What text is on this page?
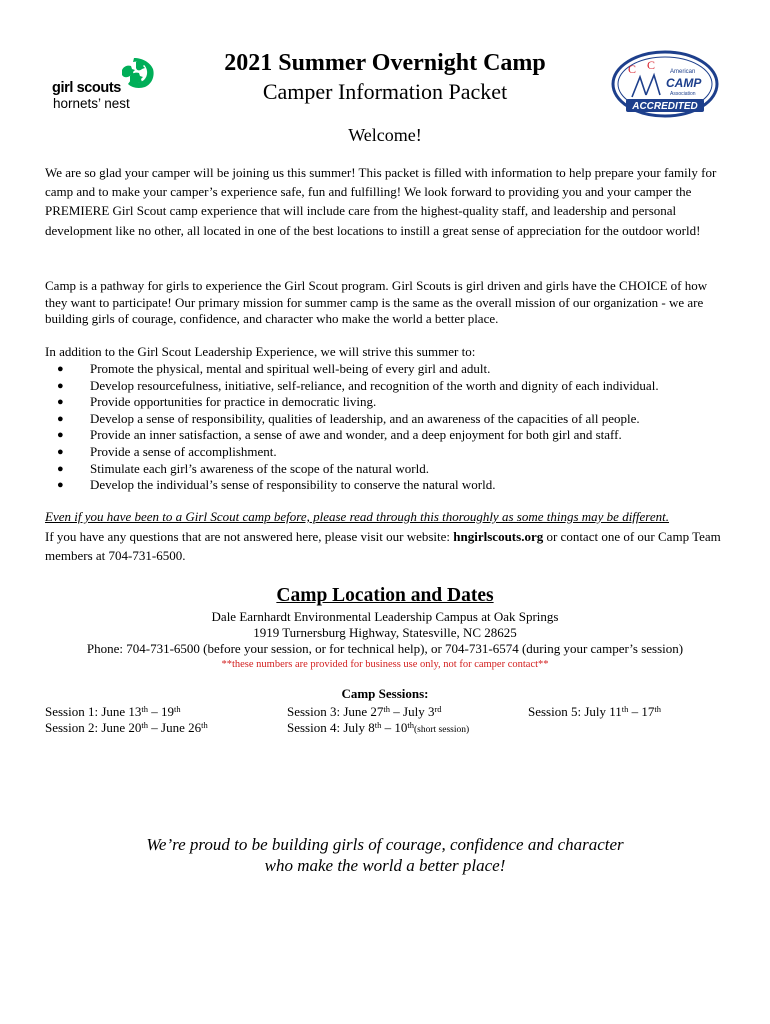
girl scouts
hornets’ nest
C C American
CAMP
Association
ACCREDITED
2021 Summer Overnight Camp
Camper Information Packet
Welcome!

We are so glad your camper will be joining us this summer! This packet is filled with information to help prepare your family for camp and to make your camper’s experience safe, fun and fulfilling! We look forward to providing you and your camper the PREMIERE Girl Scout camp experience that will include care from the highest-quality staff, and leadership and personal development like no other, all located in one of the best locations to instill a great sense of appreciation for the outdoor world!

Camp is a pathway for girls to experience the Girl Scout program. Girl Scouts is girl driven and girls have the CHOICE of how they want to participate! Our primary mission for summer camp is the same as the overall mission of our organization - we are building girls of courage, confidence, and character who make the world a better place.

In addition to the Girl Scout Leadership Experience, we will strive this summer to:

● Promote the physical, mental and spiritual well-being of every girl and adult.
● Develop resourcefulness, initiative, self-reliance, and recognition of the worth and dignity of each individual.
● Provide opportunities for practice in democratic living.
● Develop a sense of responsibility, qualities of leadership, and an awareness of the capacities of all people.
● Provide an inner satisfaction, a sense of awe and wonder, and a deep enjoyment for both girl and staff.
● Provide a sense of accomplishment.
● Stimulate each girl’s awareness of the scope of the natural world.
● Develop the individual’s sense of responsibility to conserve the natural world.
Even if you have been to a Girl Scout camp before, please read through this thoroughly as some things may be different.

If you have any questions that are not answered here, please visit our website: hngirlscouts.org or contact one of our Camp Team members at 704-731-6500.

Camp Location and Dates
Dale Earnhardt Environmental Leadership Campus at Oak Springs
1919 Turnersburg Highway, Statesville, NC 28625
Phone: 704-731-6500 (before your session, or for technical help), or 704-731-6574 (during your camper’s session)
**these numbers are provided for business use only, not for camper contact**
Camp Sessions:
Session 1: June 13th – 19th
Session 2: June 20th – June 26th
Session 3: June 27th – July 3rd
Session 4: July 8th – 10th(short session)
Session 5: July 11th – 17th
We’re proud to be building girls of courage, confidence and character
who make the world a better place!
